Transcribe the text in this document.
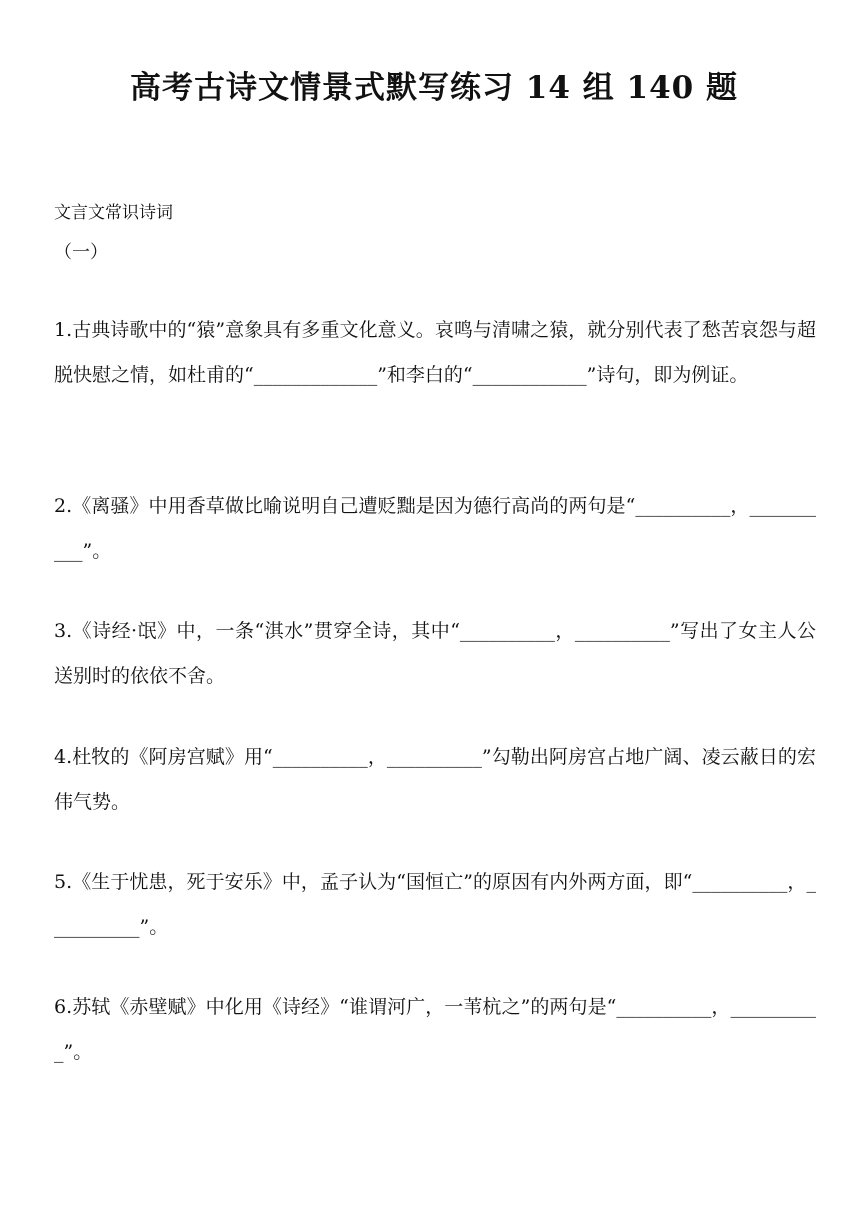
高考古诗文情景式默写练习 14 组 140 题
文言文常识诗词
（一）
1.古典诗歌中的“猿”意象具有多重文化意义。哀鸣与清啸之猿，就分别代表了愁苦哀怨与超脱快慰之情，如杜甫的“_____________”和李白的“____________”诗句，即为例证。
2.《离骚》中用香草做比喻说明自己遭贬黜是因为德行高尚的两句是“__________，__________”。
3.《诗经·氓》中，一条“淇水”贯穿全诗，其中“__________，__________”写出了女主人公送别时的依依不舍。
4.杜牧的《阿房宫赋》用“__________，__________”勾勒出阿房宫占地广阔、凌云蔽日的宏伟气势。
5.《生于忧患，死于安乐》中，孟子认为“国恒亡”的原因有内外两方面，即“__________，__________”。
6.苏轼《赤壁赋》中化用《诗经》“谁谓河广，一苇杭之”的两句是“__________，__________”。
